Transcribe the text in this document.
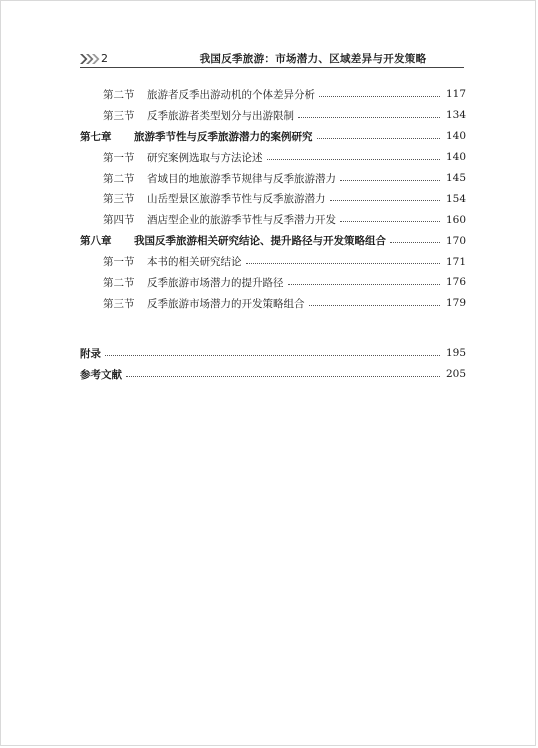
2	我国反季旅游：市场潜力、区域差异与开发策略
第二节	旅游者反季出游动机的个体差异分析	117
第三节	反季旅游者类型划分与出游限制	134
第七章	旅游季节性与反季旅游潜力的案例研究	140
第一节	研究案例选取与方法论述	140
第二节	省域目的地旅游季节规律与反季旅游潜力	145
第三节	山岳型景区旅游季节性与反季旅游潜力	154
第四节	酒店型企业的旅游季节性与反季潜力开发	160
第八章	我国反季旅游相关研究结论、提升路径与开发策略组合	170
第一节	本书的相关研究结论	171
第二节	反季旅游市场潜力的提升路径	176
第三节	反季旅游市场潜力的开发策略组合	179
附录	195
参考文献	205
